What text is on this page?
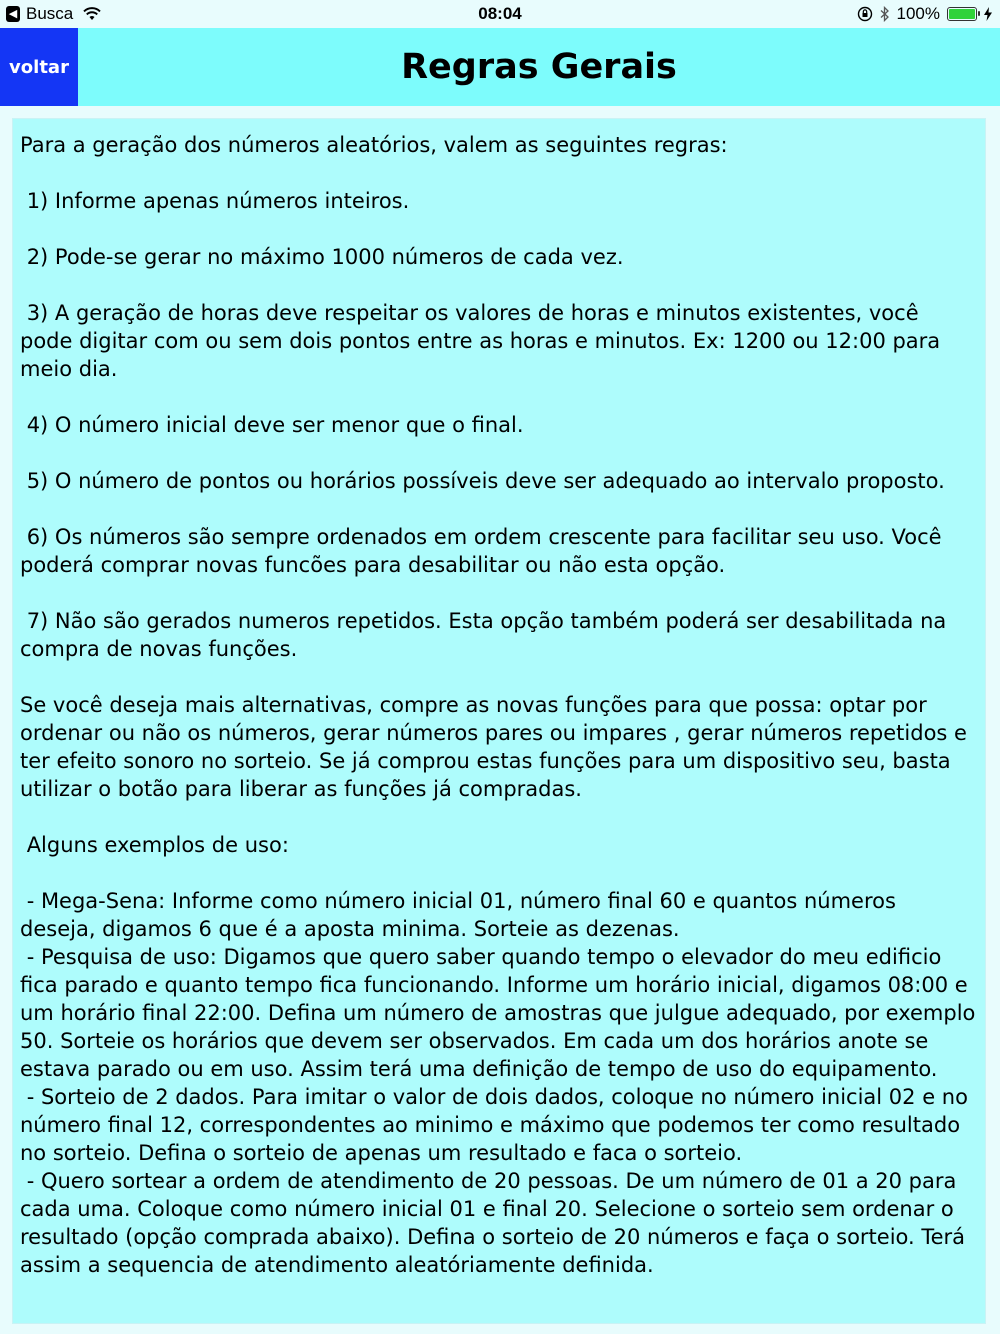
◀ Busca	08:04	100%
voltar	Regras Gerais

Para a geração dos números aleatórios, valem as seguintes regras:

1) Informe apenas números inteiros.

2) Pode-se gerar no máximo 1000 números de cada vez.

3) A geração de horas deve respeitar os valores de horas e minutos existentes, você pode digitar com ou sem dois pontos entre as horas e minutos. Ex: 1200 ou 12:00 para meio dia.

4) O número inicial deve ser menor que o final.

5) O número de pontos ou horários possíveis deve ser adequado ao intervalo proposto.

6) Os números são sempre ordenados em ordem crescente para facilitar seu uso. Você poderá comprar novas funcões para desabilitar ou não esta opção.

7) Não são gerados numeros repetidos. Esta opção também poderá ser desabilitada na compra de novas funções.

Se você deseja mais alternativas, compre as novas funções para que possa: optar por ordenar ou não os números, gerar números pares ou impares , gerar números repetidos e ter efeito sonoro no sorteio. Se já comprou estas funções para um dispositivo seu, basta utilizar o botão para liberar as funções já compradas.

Alguns exemplos de uso:

- Mega-Sena: Informe como número inicial 01, número final 60 e quantos números deseja, digamos 6 que é a aposta minima. Sorteie as dezenas.

- Pesquisa de uso: Digamos que quero saber quando tempo o elevador do meu edificio fica parado e quanto tempo fica funcionando. Informe um horário inicial, digamos 08:00 e um horário final 22:00. Defina um número de amostras que julgue adequado, por exemplo 50. Sorteie os horários que devem ser observados. Em cada um dos horários anote se estava parado ou em uso. Assim terá uma definição de tempo de uso do equipamento.

- Sorteio de 2 dados. Para imitar o valor de dois dados, coloque no número inicial 02 e no número final 12, correspondentes ao minimo e máximo que podemos ter como resultado no sorteio. Defina o sorteio de apenas um resultado e faca o sorteio.

- Quero sortear a ordem de atendimento de 20 pessoas. De um número de 01 a 20 para cada uma. Coloque como número inicial 01 e final 20. Selecione o sorteio sem ordenar o resultado (opção comprada abaixo). Defina o sorteio de 20 números e faça o sorteio. Terá assim a sequencia de atendimento aleatóriamente definida.
